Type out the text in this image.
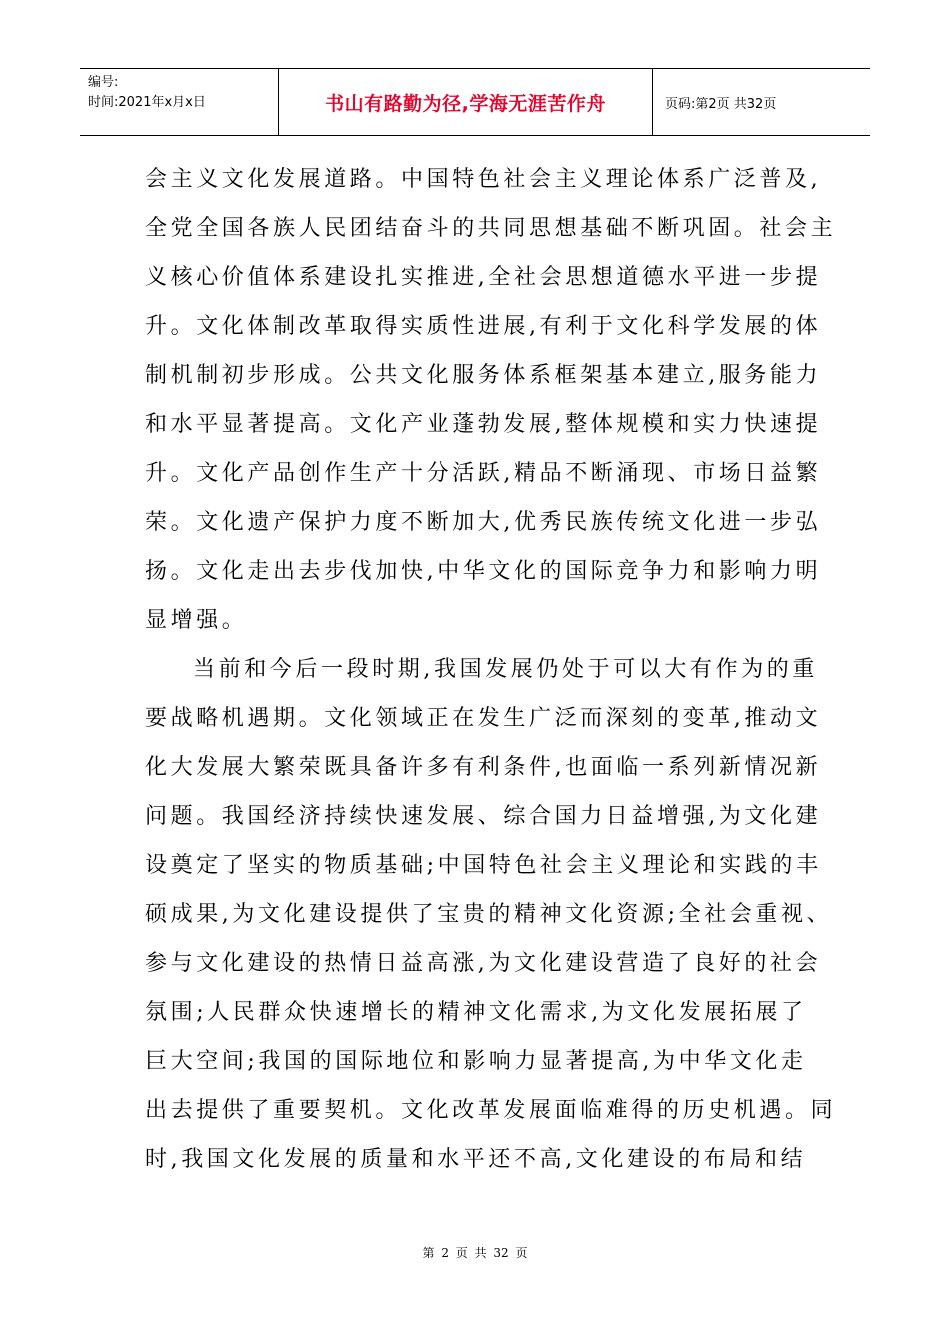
编号:
时间:2021年x月x日	书山有路勤为径,学海无涯苦作舟	页码:第2页 共32页
会主义文化发展道路。中国特色社会主义理论体系广泛普及,
全党全国各族人民团结奋斗的共同思想基础不断巩固。社会主
义核心价值体系建设扎实推进,全社会思想道德水平进一步提
升。文化体制改革取得实质性进展,有利于文化科学发展的体
制机制初步形成。公共文化服务体系框架基本建立,服务能力
和水平显著提高。文化产业蓬勃发展,整体规模和实力快速提
升。文化产品创作生产十分活跃,精品不断涌现、市场日益繁
荣。文化遗产保护力度不断加大,优秀民族传统文化进一步弘
扬。文化走出去步伐加快,中华文化的国际竞争力和影响力明
显增强。
当前和今后一段时期,我国发展仍处于可以大有作为的重
要战略机遇期。文化领域正在发生广泛而深刻的变革,推动文
化大发展大繁荣既具备许多有利条件,也面临一系列新情况新
问题。我国经济持续快速发展、综合国力日益增强,为文化建
设奠定了坚实的物质基础;中国特色社会主义理论和实践的丰
硕成果,为文化建设提供了宝贵的精神文化资源;全社会重视、
参与文化建设的热情日益高涨,为文化建设营造了良好的社会
氛围;人民群众快速增长的精神文化需求,为文化发展拓展了
巨大空间;我国的国际地位和影响力显著提高,为中华文化走
出去提供了重要契机。文化改革发展面临难得的历史机遇。同
时,我国文化发展的质量和水平还不高,文化建设的布局和结
第 2 页 共 32 页
